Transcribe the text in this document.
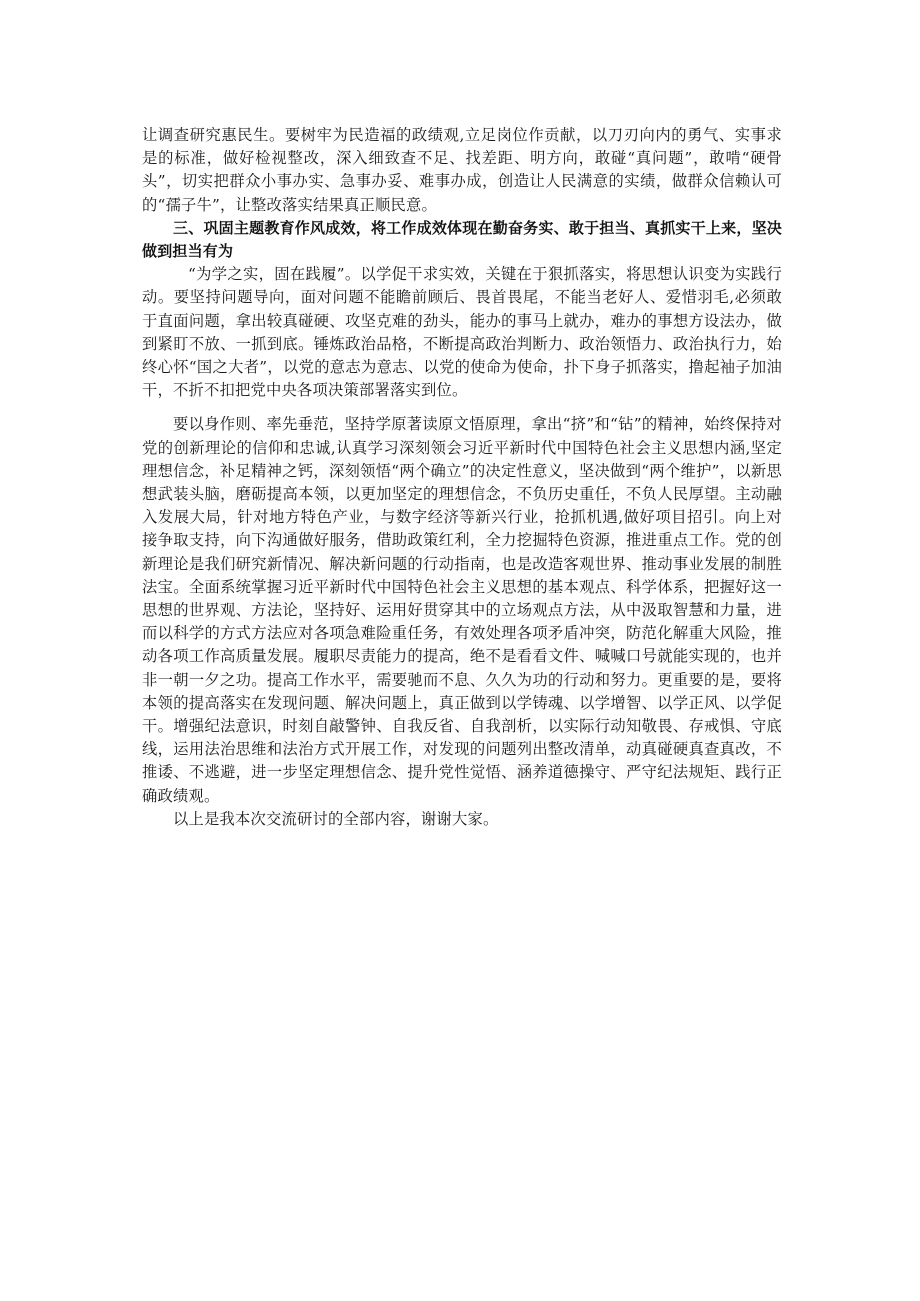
让调查研究惠民生。要树牢为民造福的政绩观,立足岗位作贡献，以刀刃向内的勇气、实事求是的标准，做好检视整改，深入细致查不足、找差距、明方向，敢碰“真问题”，敢啃“硬骨头”，切实把群众小事办实、急事办妥、难事办成，创造让人民满意的实绩，做群众信赖认可的“孺子牛”，让整改落实结果真正顺民意。

三、巩固主题教育作风成效，将工作成效体现在勤奋务实、敢于担当、真抓实干上来，坚决做到担当有为

“为学之实，固在践履”。以学促干求实效，关键在于狠抓落实，将思想认识变为实践行动。要坚持问题导向，面对问题不能瞻前顾后、畏首畏尾，不能当老好人、爱惜羽毛,必须敢于直面问题，拿出较真碰硬、攻坚克难的劲头，能办的事马上就办，难办的事想方设法办，做到紧盯不放、一抓到底。锤炼政治品格，不断提高政治判断力、政治领悟力、政治执行力，始终心怀“国之大者”，以党的意志为意志、以党的使命为使命，扑下身子抓落实，撸起袖子加油干，不折不扣把党中央各项决策部署落实到位。

要以身作则、率先垂范，坚持学原著读原文悟原理，拿出“挤”和“钻”的精神，始终保持对党的创新理论的信仰和忠诚,认真学习深刻领会习近平新时代中国特色社会主义思想内涵,坚定理想信念，补足精神之钙，深刻领悟“两个确立”的决定性意义，坚决做到“两个维护”，以新思想武装头脑，磨砺提高本领，以更加坚定的理想信念，不负历史重任，不负人民厚望。主动融入发展大局，针对地方特色产业，与数字经济等新兴行业，抢抓机遇,做好项目招引。向上对接争取支持，向下沟通做好服务，借助政策红利，全力挖掘特色资源，推进重点工作。党的创新理论是我们研究新情况、解决新问题的行动指南，也是改造客观世界、推动事业发展的制胜法宝。全面系统掌握习近平新时代中国特色社会主义思想的基本观点、科学体系，把握好这一思想的世界观、方法论，坚持好、运用好贯穿其中的立场观点方法，从中汲取智慧和力量，进而以科学的方式方法应对各项急难险重任务，有效处理各项矛盾冲突，防范化解重大风险，推动各项工作高质量发展。履职尽责能力的提高，绝不是看看文件、喊喊口号就能实现的，也并非一朝一夕之功。提高工作水平，需要驰而不息、久久为功的行动和努力。更重要的是，要将本领的提高落实在发现问题、解决问题上，真正做到以学铸魂、以学增智、以学正风、以学促干。增强纪法意识，时刻自敲警钟、自我反省、自我剖析，以实际行动知敬畏、存戒惧、守底线，运用法治思维和法治方式开展工作，对发现的问题列出整改清单，动真碰硬真查真改，不推诿、不逃避，进一步坚定理想信念、提升党性觉悟、涵养道德操守、严守纪法规矩、践行正确政绩观。

以上是我本次交流研讨的全部内容，谢谢大家。
